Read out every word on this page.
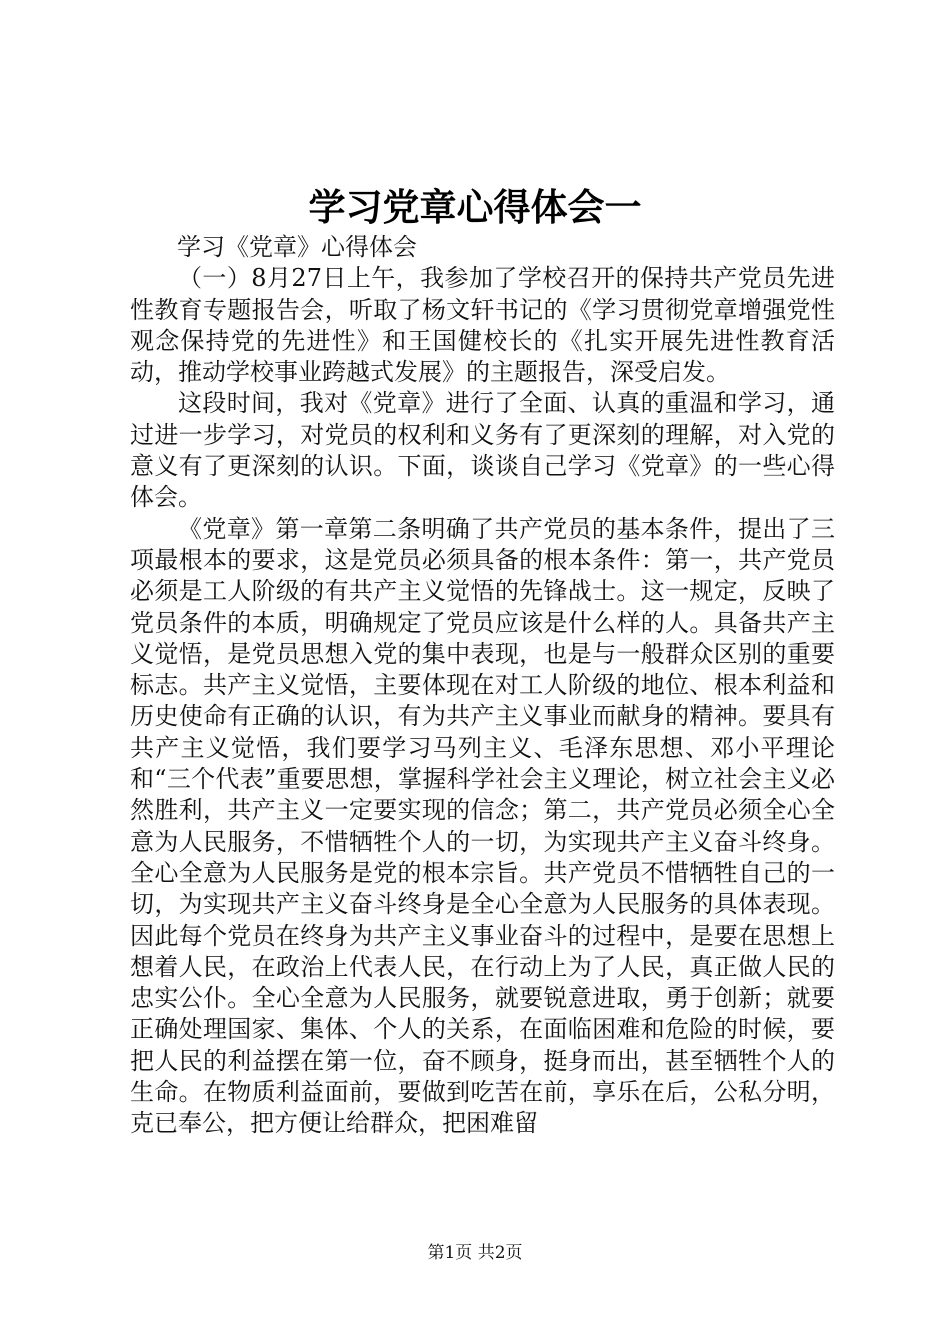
学习党章心得体会一

学习《党章》心得体会

（一）8月27日上午，我参加了学校召开的保持共产党员先进性教育专题报告会，听取了杨文轩书记的《学习贯彻党章增强党性观念保持党的先进性》和王国健校长的《扎实开展先进性教育活动，推动学校事业跨越式发展》的主题报告，深受启发。

这段时间，我对《党章》进行了全面、认真的重温和学习，通过进一步学习，对党员的权利和义务有了更深刻的理解，对入党的意义有了更深刻的认识。下面，谈谈自己学习《党章》的一些心得体会。

《党章》第一章第二条明确了共产党员的基本条件，提出了三项最根本的要求，这是党员必须具备的根本条件：第一，共产党员必须是工人阶级的有共产主义觉悟的先锋战士。这一规定，反映了党员条件的本质，明确规定了党员应该是什么样的人。具备共产主义觉悟，是党员思想入党的集中表现，也是与一般群众区别的重要标志。共产主义觉悟，主要体现在对工人阶级的地位、根本利益和历史使命有正确的认识，有为共产主义事业而献身的精神。要具有共产主义觉悟，我们要学习马列主义、毛泽东思想、邓小平理论和“三个代表”重要思想，掌握科学社会主义理论，树立社会主义必然胜利，共产主义一定要实现的信念；第二，共产党员必须全心全意为人民服务，不惜牺牲个人的一切，为实现共产主义奋斗终身。全心全意为人民服务是党的根本宗旨。共产党员不惜牺牲自己的一切，为实现共产主义奋斗终身是全心全意为人民服务的具体表现。因此每个党员在终身为共产主义事业奋斗的过程中，是要在思想上想着人民，在政治上代表人民，在行动上为了人民，真正做人民的忠实公仆。全心全意为人民服务，就要锐意进取，勇于创新；就要正确处理国家、集体、个人的关系，在面临困难和危险的时候，要把人民的利益摆在第一位，奋不顾身，挺身而出，甚至牺牲个人的生命。在物质利益面前，要做到吃苦在前，享乐在后，公私分明，克已奉公，把方便让给群众，把困难留

第1页 共2页
